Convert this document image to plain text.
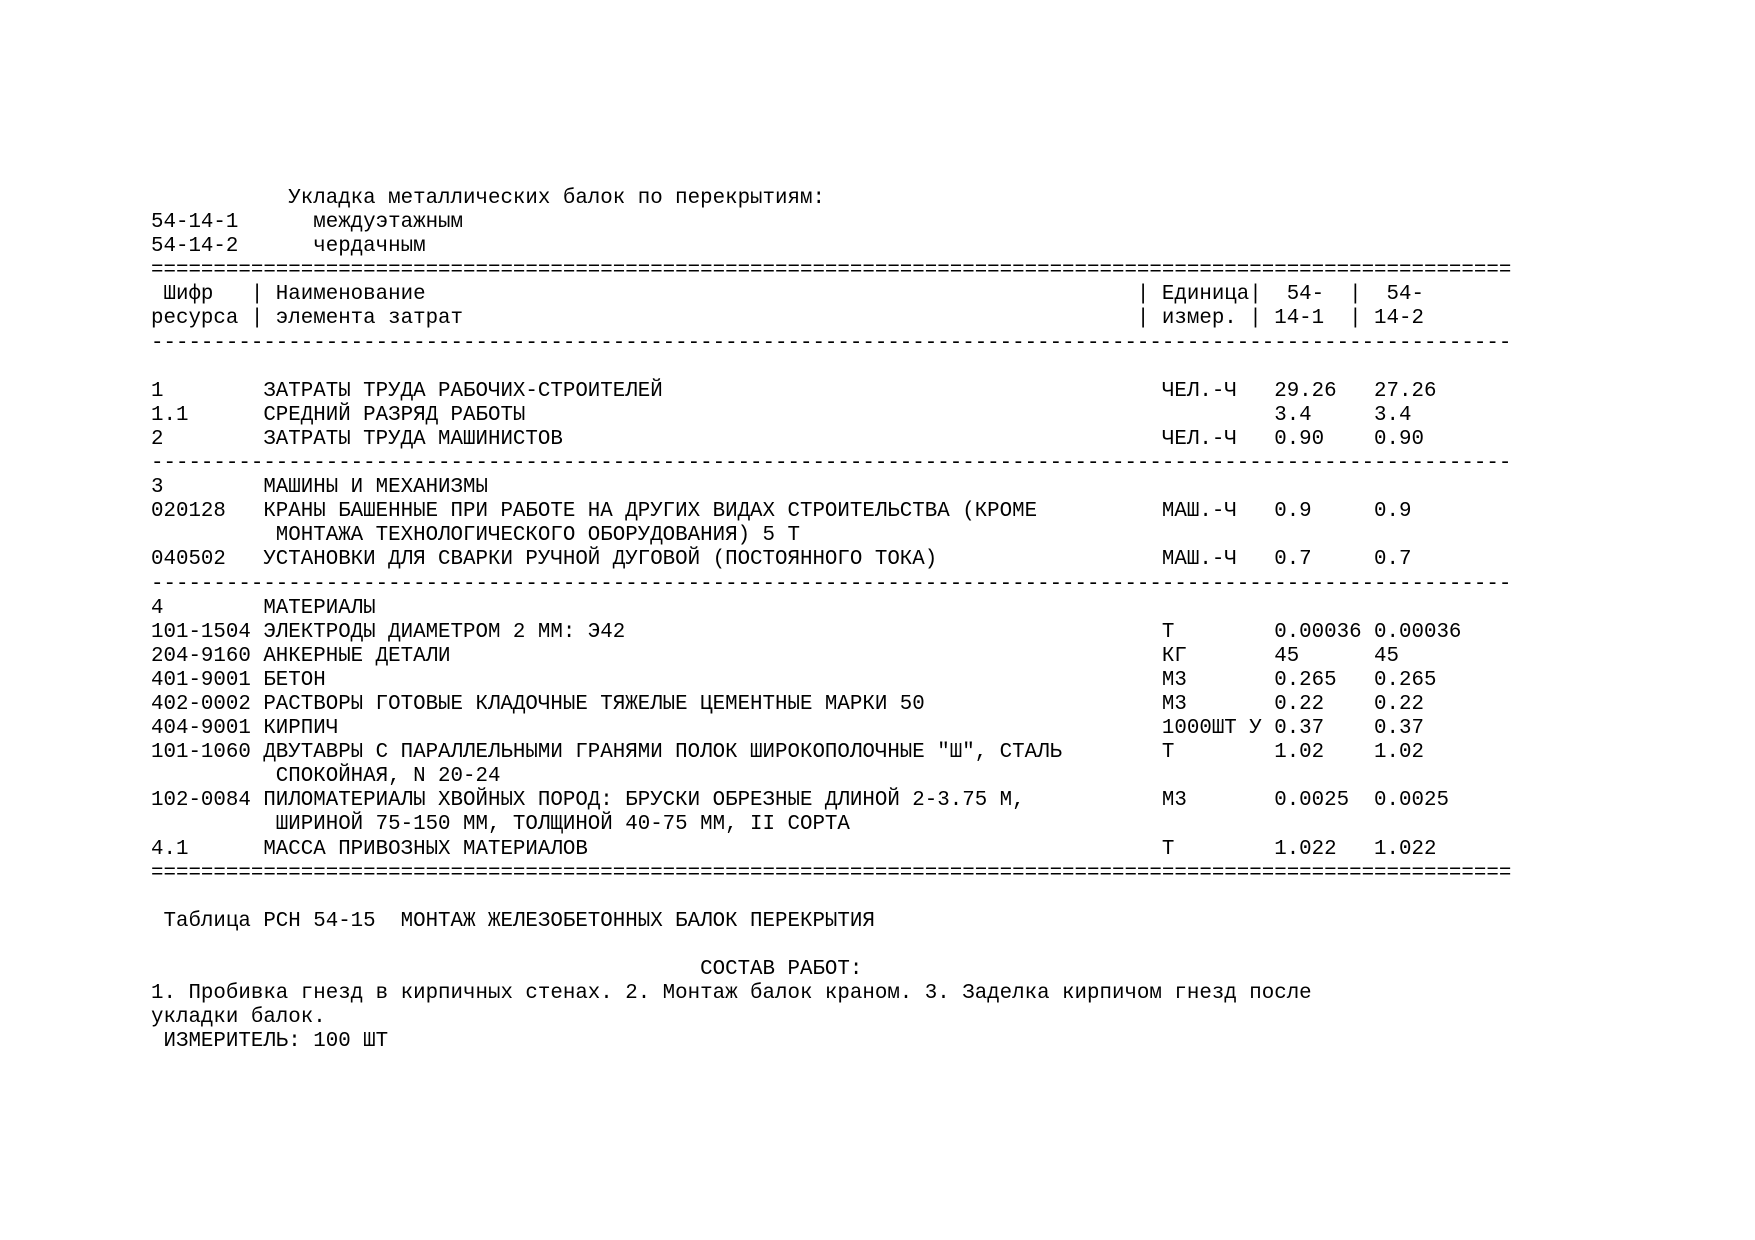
Укладка металлических балок по перекрытиям:
54-14-1      междуэтажным
54-14-2      чердачным
=============================================================================================================
Шифр   | Наименование                                                         | Единица|  54-  |  54-
ресурса | элемента затрат                                                      | измер. | 14-1  | 14-2
-------------------------------------------------------------------------------------------------------------
1        ЗАТРАТЫ ТРУДА РАБОЧИХ-СТРОИТЕЛЕЙ                                        ЧЕЛ.-Ч   29.26   27.26
1.1      СРЕДНИЙ РАЗРЯД РАБОТЫ                                                            3.4     3.4
2        ЗАТРАТЫ ТРУДА МАШИНИСТОВ                                                ЧЕЛ.-Ч   0.90    0.90
-------------------------------------------------------------------------------------------------------------
3        МАШИНЫ И МЕХАНИЗМЫ
020128   КРАНЫ БАШЕННЫЕ ПРИ РАБОТЕ НА ДРУГИХ ВИДАХ СТРОИТЕЛЬСТВА (КРОМЕ          МАШ.-Ч   0.9     0.9
МОНТАЖА ТЕХНОЛОГИЧЕСКОГО ОБОРУДОВАНИЯ) 5 Т
040502   УСТАНОВКИ ДЛЯ СВАРКИ РУЧНОЙ ДУГОВОЙ (ПОСТОЯННОГО ТОКА)                  МАШ.-Ч   0.7     0.7
-------------------------------------------------------------------------------------------------------------
4        МАТЕРИАЛЫ
101-1504 ЭЛЕКТРОДЫ ДИАМЕТРОМ 2 ММ: Э42                                           Т        0.00036 0.00036
204-9160 АНКЕРНЫЕ ДЕТАЛИ                                                         КГ       45      45
401-9001 БЕТОН                                                                   М3       0.265   0.265
402-0002 РАСТВОРЫ ГОТОВЫЕ КЛАДОЧНЫЕ ТЯЖЕЛЫЕ ЦЕМЕНТНЫЕ МАРКИ 50                   М3       0.22    0.22
404-9001 КИРПИЧ                                                                  1000ШТ У 0.37    0.37
101-1060 ДВУТАВРЫ С ПАРАЛЛЕЛЬНЫМИ ГРАНЯМИ ПОЛОК ШИРОКОПОЛОЧНЫЕ "Ш", СТАЛЬ        Т        1.02    1.02
СПОКОЙНАЯ, N 20-24
102-0084 ПИЛОМАТЕРИАЛЫ ХВОЙНЫХ ПОРОД: БРУСКИ ОБРЕЗНЫЕ ДЛИНОЙ 2-3.75 М,           М3       0.0025  0.0025
ШИРИНОЙ 75-150 ММ, ТОЛЩИНОЙ 40-75 ММ, II СОРТА
4.1      МАССА ПРИВОЗНЫХ МАТЕРИАЛОВ                                              Т        1.022   1.022
=============================================================================================================
Таблица РСН 54-15  МОНТАЖ ЖЕЛЕЗОБЕТОННЫХ БАЛОК ПЕРЕКРЫТИЯ
СОСТАВ РАБОТ:
1. Пробивка гнезд в кирпичных стенах. 2. Монтаж балок краном. 3. Заделка кирпичом гнезд после
укладки балок.
ИЗМЕРИТЕЛЬ: 100 ШТ
